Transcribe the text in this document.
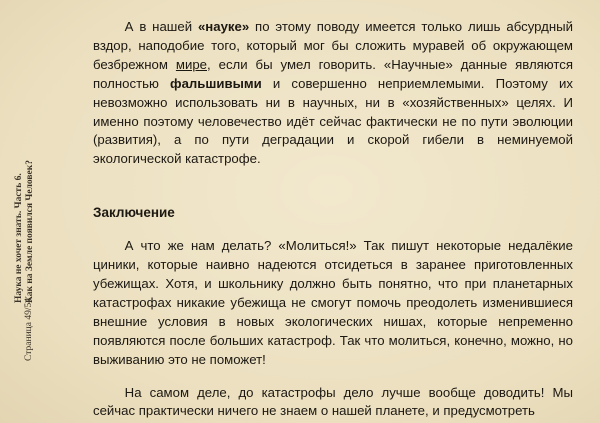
Наука не хочет знать. Часть 6. Как на Земле появился Человек?
Страница 49/54

А в нашей «науке» по этому поводу имеется только лишь абсурдный вздор, наподобие того, который мог бы сложить муравей об окружающем безбрежном мире, если бы умел говорить. «Научные» данные являются полностью фальшивыми и совершенно неприемлемыми. Поэтому их невозможно использовать ни в научных, ни в «хозяйственных» целях. И именно поэтому человечество идёт сейчас фактически не по пути эволюции (развития), а по пути деградации и скорой гибели в неминуемой экологической катастрофе.

Заключение

А что же нам делать? «Молиться!» Так пишут некоторые недалёкие циники, которые наивно надеются отсидеться в заранее приготовленных убежищах. Хотя, и школьнику должно быть понятно, что при планетарных катастрофах никакие убежища не смогут помочь преодолеть изменившиеся внешние условия в новых экологических нишах, которые непременно появляются после больших катастроф. Так что молиться, конечно, можно, но выживанию это не поможет!

На самом деле, до катастрофы дело лучше вообще доводить! Мы сейчас практически ничего не знаем о нашей планете, и предусмотреть
